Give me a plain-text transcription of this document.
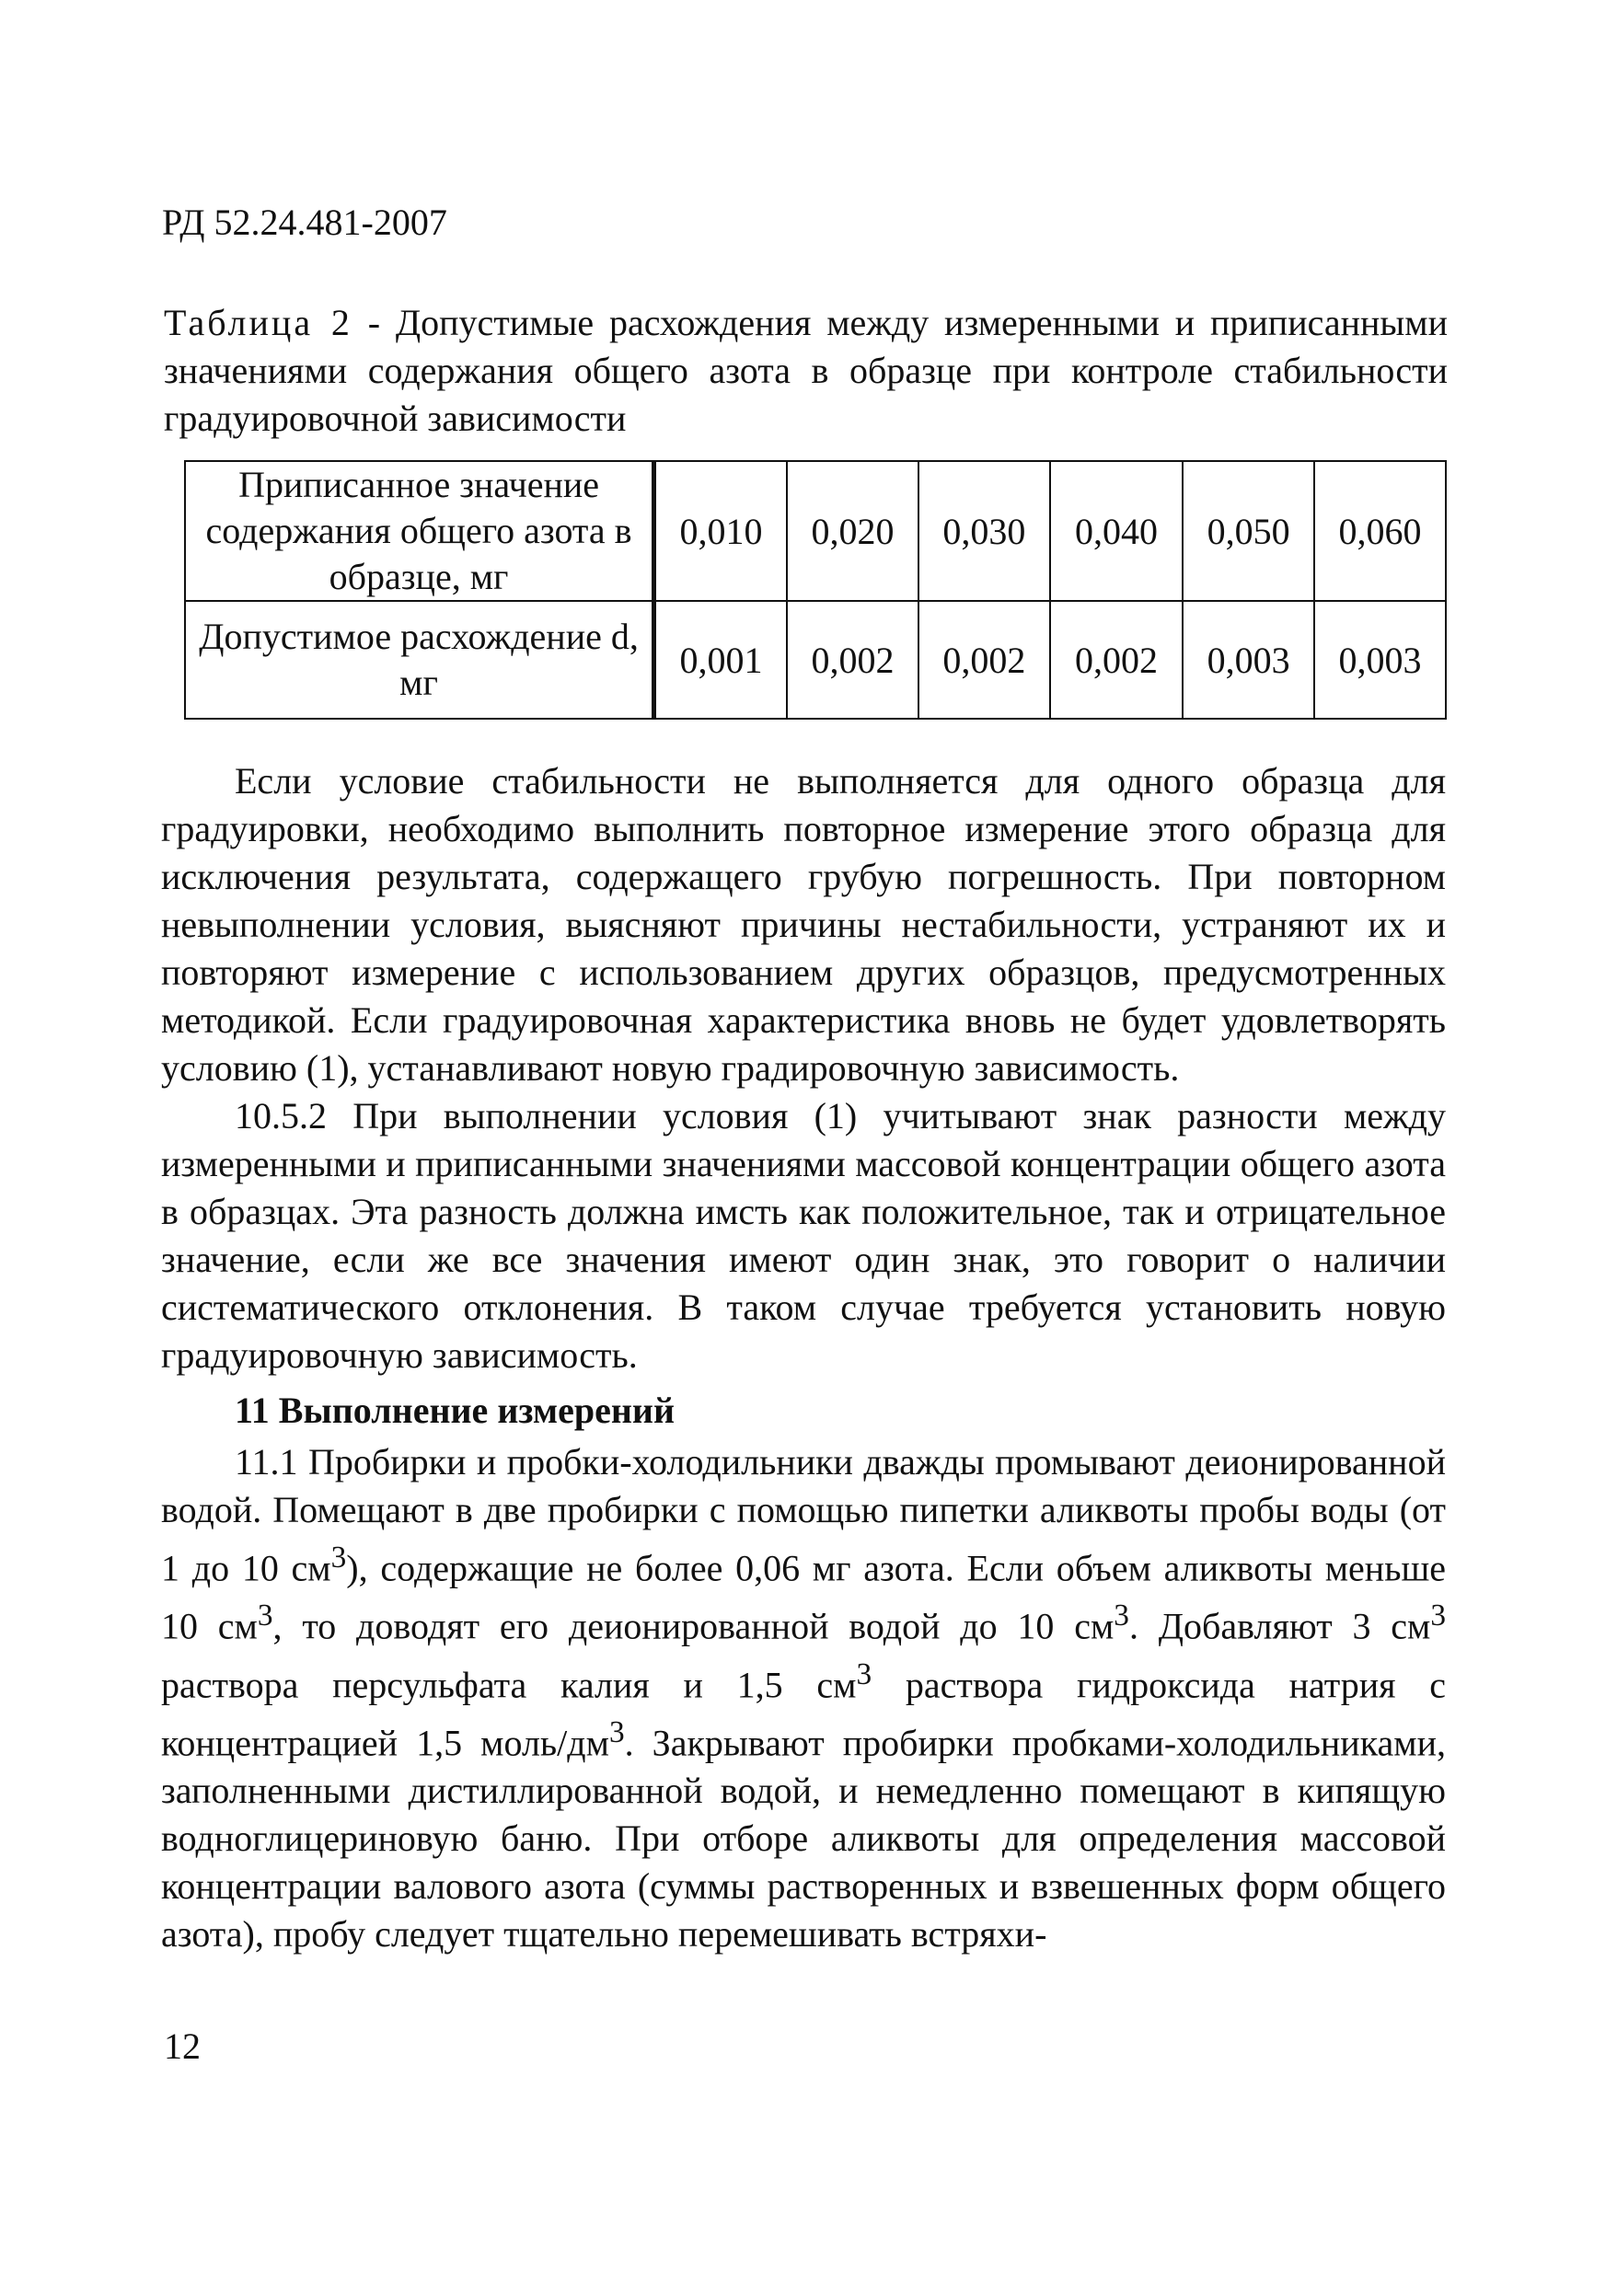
РД 52.24.481-2007
Таблица 2 - Допустимые расхождения между измеренными и приписанными значениями содержания общего азота в образце при контроле стабильности градуировочной зависимости
Приписанное значение содержания общего азота в образце, мг	0,010	0,020	0,030	0,040	0,050	0,060
Допустимое расхождение d, мг	0,001	0,002	0,002	0,002	0,003	0,003

Если условие стабильности не выполняется для одного образца для градуировки, необходимо выполнить повторное измерение этого образца для исключения результата, содержащего грубую погрешность. При повторном невыполнении условия, выясняют причины нестабильности, устраняют их и повторяют измерение с использованием других образцов, предусмотренных методикой. Если градуировочная характеристика вновь не будет удовлетворять условию (1), устанавливают новую градировочную зависимость.

10.5.2 При выполнении условия (1) учитывают знак разности между измеренными и приписанными значениями массовой концентрации общего азота в образцах. Эта разность должна имсть как положительное, так и отрицательное значение, если же все значения имеют один знак, это говорит о наличии систематического отклонения. В таком случае требуется установить новую градуировочную зависимость.

11 Выполнение измерений

11.1 Пробирки и пробки-холодильники дважды промывают деионированной водой. Помещают в две пробирки с помощью пипетки аликвоты пробы воды (от 1 до 10 $см^3$), содержащие не более 0,06 мг азота. Если объем аликвоты меньше 10 $см^3$, то доводят его деионированной водой до 10 $см^3$. Добавляют 3 $см^3$ раствора персульфата калия и 1,5 $см^3$ раствора гидроксида натрия с концентрацией 1,5 моль/$дм^3$. Закрывают пробирки пробками-холодильниками, заполненными дистиллированной водой, и немедленно помещают в кипящую водноглицериновую баню. При отборе аликвоты для определения массовой концентрации валового азота (суммы растворенных и взвешенных форм общего азота), пробу следует тщательно перемешивать встряхи-

12
